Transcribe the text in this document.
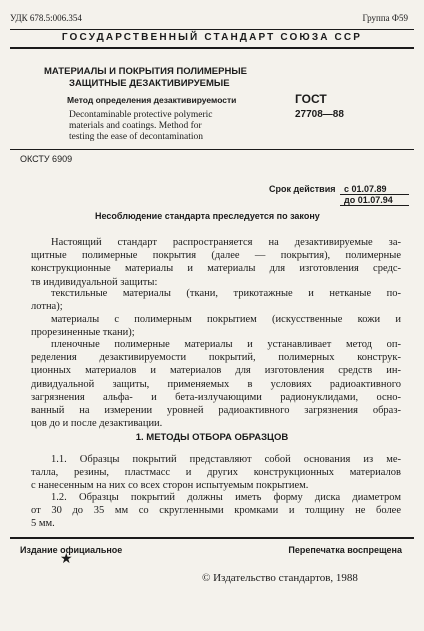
УДК 678.5:006.354	Группа Ф59
ГОСУДАРСТВЕННЫЙ СТАНДАРТ СОЮЗА ССР
МАТЕРИАЛЫ И ПОКРЫТИЯ ПОЛИМЕРНЫЕ
ЗАЩИТНЫЕ ДЕЗАКТИВИРУЕМЫЕ
Метод определения дезактивируемости
Decontaminable protective polymeric
materials and coatings. Method for
testing the ease of decontamination
ГОСТ
27708—88
ОКСТУ 6909
Срок действия с 01.07.89
до 01.07.94
Несоблюдение стандарта преследуется по закону
Настоящий стандарт распространяется на дезактивируемые за-
щитные полимерные покрытия (далее — покрытия), полимерные
конструкционные материалы и материалы для изготовления средс-
тв индивидуальной защиты:
текстильные материалы (ткани, трикотажные и нетканые по-
лотна);
материалы с полимерным покрытием (искусственные кожи и
прорезиненные ткани);
пленочные полимерные материалы и устанавливает метод оп-
ределения дезактивируемости покрытий, полимерных конструк-
ционных материалов и материалов для изготовления средств ин-
дивидуальной защиты, применяемых в условиях радиоактивного
загрязнения альфа- и бета-излучающими радионуклидами, осно-
ванный на измерении уровней радиоактивного загрязнения образ-
цов до и после дезактивации.
1. МЕТОДЫ ОТБОРА ОБРАЗЦОВ
1.1. Образцы покрытий представляют собой основания из ме-
талла, резины, пластмасс и других конструкционных материалов
с нанесенным на них со всех сторон испытуемым покрытием.
1.2. Образцы покрытий должны иметь форму диска диаметром
от 30 до 35 мм со скругленными кромками и толщину не более
5 мм.
Издание официальное	Перепечатка воспрещена
★
© Издательство стандартов, 1988
